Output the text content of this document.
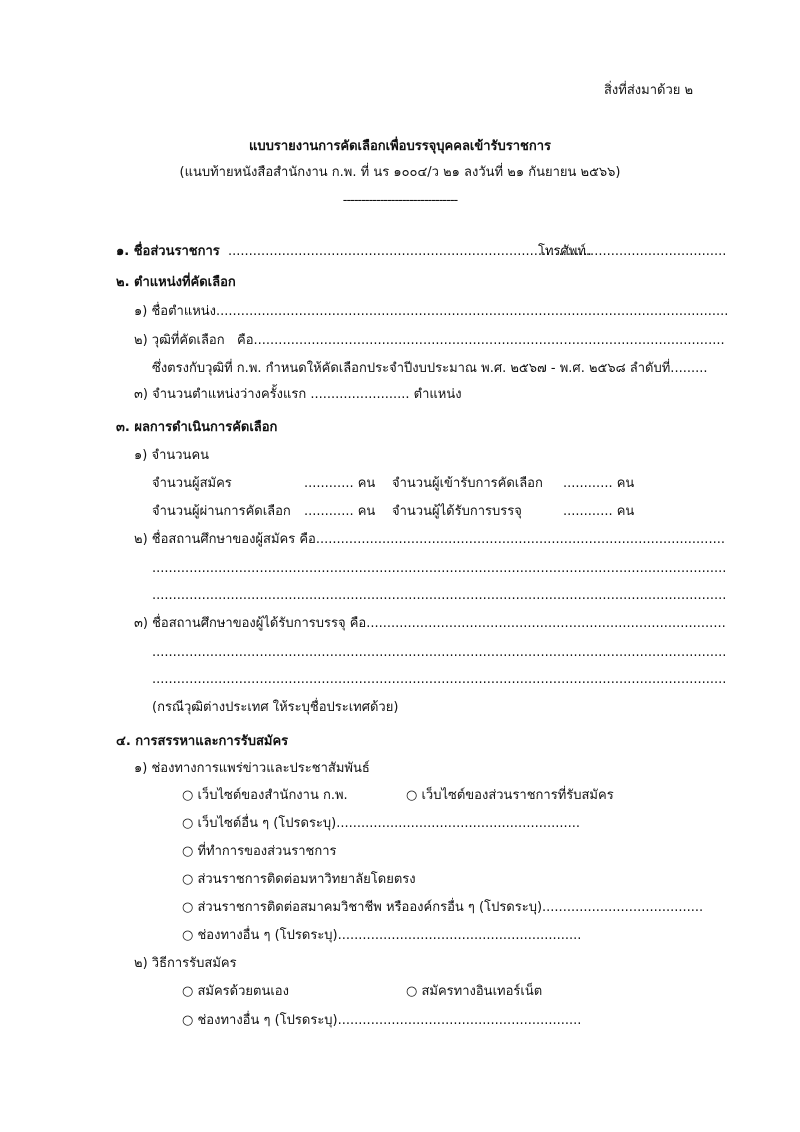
สิ่งที่ส่งมาด้วย ๒
แบบรายงานการคัดเลือกเพื่อบรรจุบุคคลเข้ารับราชการ
(แนบท้ายหนังสือสำนักงาน ก.พ. ที่ นร ๑๐๐๔/ว ๒๑ ลงวันที่ ๒๑ กันยายน ๒๕๖๖)
-------------------------------
๑. ชื่อส่วนราชการ ........................................................................................
โทรศัพท์..................................
๒. ตำแหน่งที่คัดเลือก
๑) ชื่อตำแหน่ง............................................................................................................................
๒) วุฒิที่คัดเลือก   คือ..................................................................................................................
ซึ่งตรงกับวุฒิที่ ก.พ. กำหนดให้คัดเลือกประจำปีงบประมาณ พ.ศ. ๒๕๖๗ - พ.ศ. ๒๕๖๘ ลำดับที่.........
๓) จำนวนตำแหน่งว่างครั้งแรก ........................ ตำแหน่ง
๓. ผลการดำเนินการคัดเลือก
๑) จำนวนคน
จำนวนผู้สมัคร	............ คน จำนวนผู้เข้ารับการคัดเลือก ............ คน
จำนวนผู้ผ่านการคัดเลือก ............ คน จำนวนผู้ได้รับการบรรจุ	............ คน
๒) ชื่อสถานศึกษาของผู้สมัคร คือ...................................................................................................
...........................................................................................................................................
...........................................................................................................................................
๓) ชื่อสถานศึกษาของผู้ได้รับการบรรจุ คือ.......................................................................................
...........................................................................................................................................
...........................................................................................................................................
(กรณีวุฒิต่างประเทศ ให้ระบุชื่อประเทศด้วย)
๔. การสรรหาและการรับสมัคร
๑) ช่องทางการแพร่ข่าวและประชาสัมพันธ์
○ เว็บไซต์ของสำนักงาน ก.พ.	○ เว็บไซต์ของส่วนราชการที่รับสมัคร
○ เว็บไซต์อื่น ๆ (โปรดระบุ)...........................................................
○ ที่ทำการของส่วนราชการ
○ ส่วนราชการติดต่อมหาวิทยาลัยโดยตรง
○ ส่วนราชการติดต่อสมาคมวิชาชีพ หรือองค์กรอื่น ๆ (โปรดระบุ).......................................
○ ช่องทางอื่น ๆ (โปรดระบุ)...........................................................
๒) วิธีการรับสมัคร
○ สมัครด้วยตนเอง	○ สมัครทางอินเทอร์เน็ต
○ ช่องทางอื่น ๆ (โปรดระบุ)...........................................................
